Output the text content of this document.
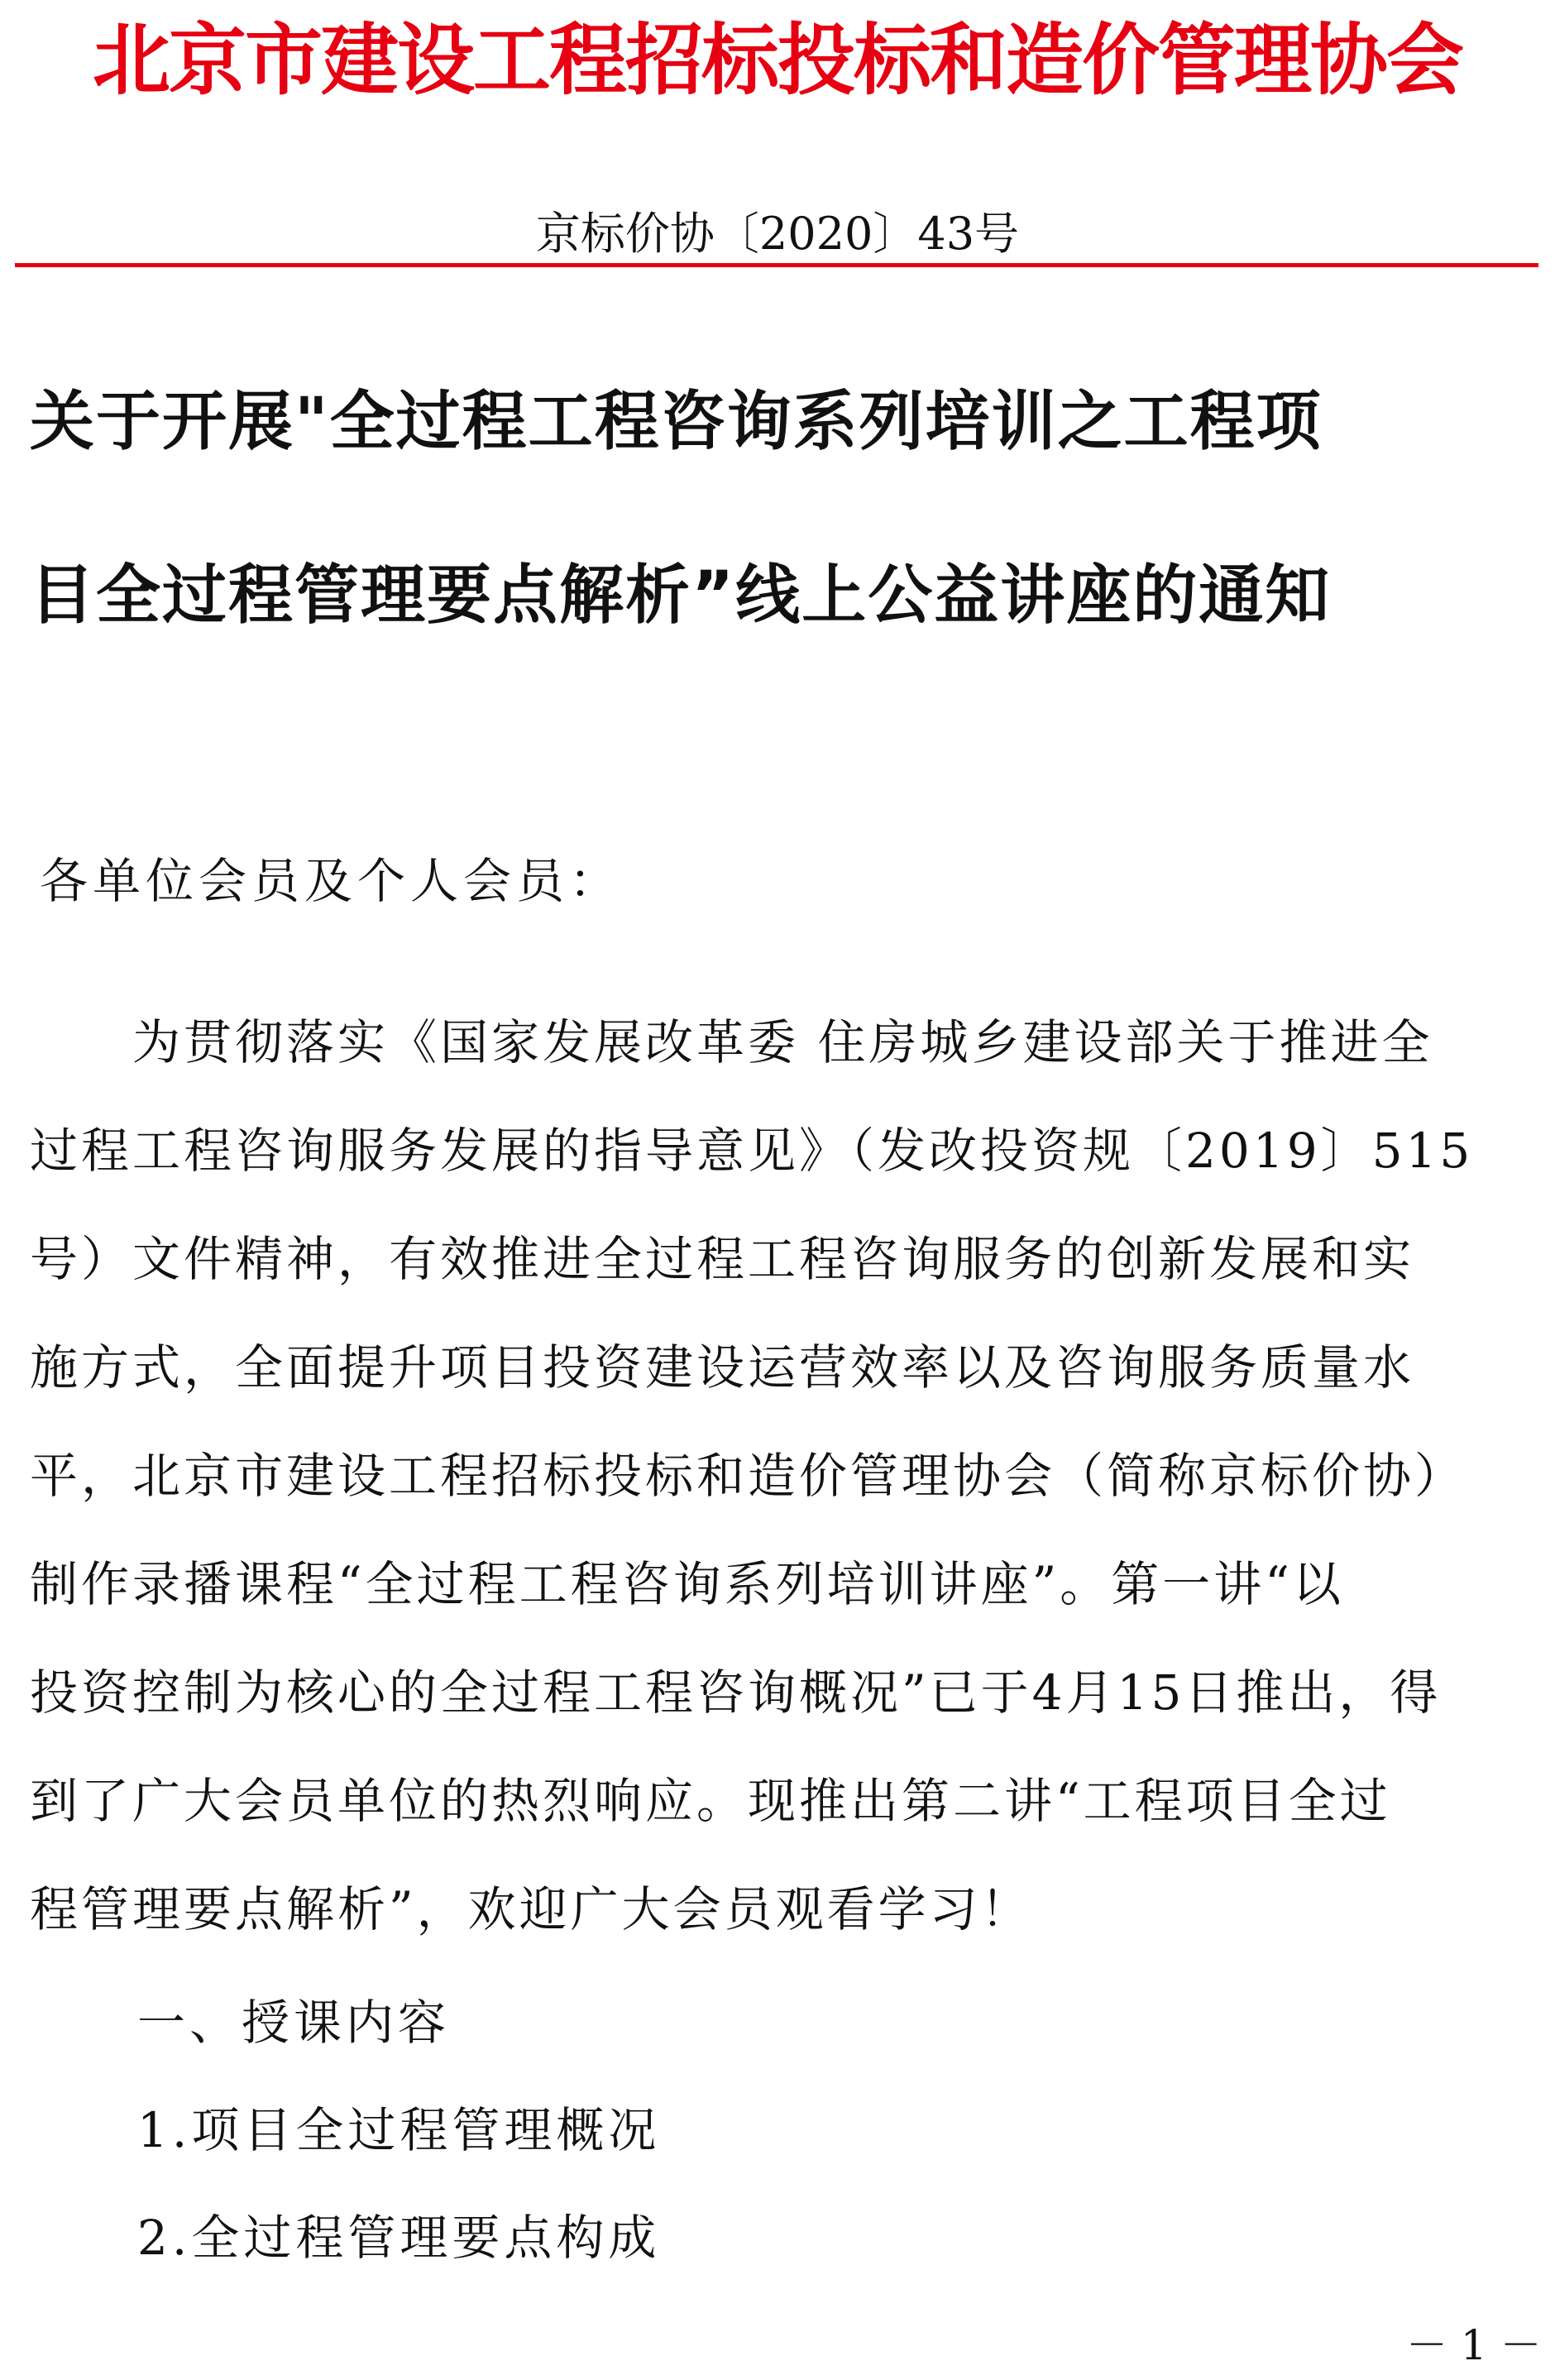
北京市建设工程招标投标和造价管理协会
京标价协〔2020〕43号
关于开展"全过程工程咨询系列培训之工程项
目全过程管理要点解析”线上公益讲座的通知
各单位会员及个人会员：
　　为贯彻落实《国家发展改革委 住房城乡建设部关于推进全
过程工程咨询服务发展的指导意见》（发改投资规〔2019〕515
号）文件精神，有效推进全过程工程咨询服务的创新发展和实
施方式，全面提升项目投资建设运营效率以及咨询服务质量水
平，北京市建设工程招标投标和造价管理协会（简称京标价协）
制作录播课程“全过程工程咨询系列培训讲座”。第一讲“以
投资控制为核心的全过程工程咨询概况”已于4月15日推出，得
到了广大会员单位的热烈响应。现推出第二讲“工程项目全过
程管理要点解析”，欢迎广大会员观看学习！
一、授课内容
1.项目全过程管理概况
2.全过程管理要点构成
－ 1 －
